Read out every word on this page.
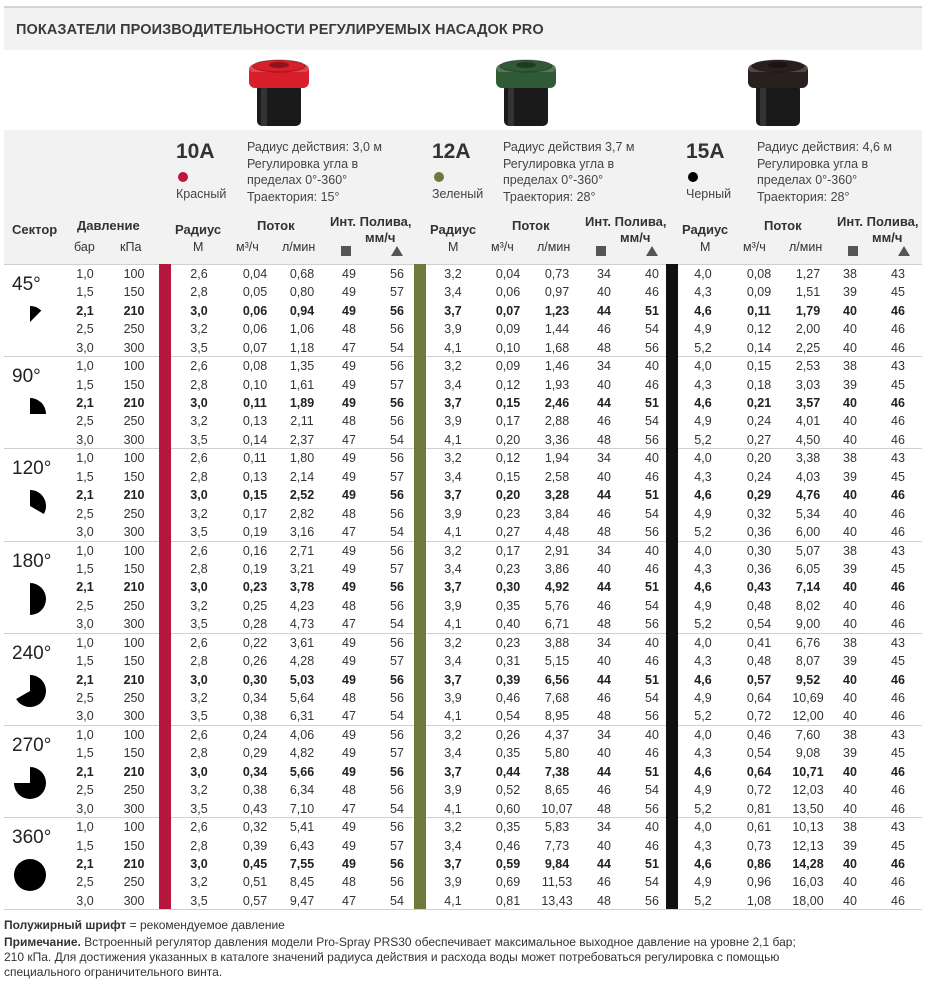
ПОКАЗАТЕЛИ ПРОИЗВОДИТЕЛЬНОСТИ РЕГУЛИРУЕМЫХ НАСАДОК PRO
10A
Красный
Радиус действия: 3,0 м
Регулировка угла в
пределах 0°-360°
Траектория: 15°
12A
Зеленый
Радиус действия 3,7 м
Регулировка угла в
пределах 0°-360°
Траектория: 28°
15A
Черный
Радиус действия: 4,6 м
Регулировка угла в
пределах 0°-360°
Траектория: 28°
Сектор Давление
бар кПа
Радиус
М
Поток
м³/ч л/мин
Инт. Полива,
мм/ч
Радиус
М
Поток
м³/ч л/мин
Инт. Полива,
мм/ч
Радиус
М
Поток
м³/ч л/мин
Инт. Полива,
мм/ч
45°	1,0	100	2,6	0,04	0,68	49	56	3,2	0,04	0,73	34	40	4,0	0,08	1,27	38	43
1,5	150	2,8	0,05	0,80	49	57	3,4	0,06	0,97	40	46	4,3	0,09	1,51	39	45
2,1	210	3,0	0,06	0,94	49	56	3,7	0,07	1,23	44	51	4,6	0,11	1,79	40	46
2,5	250	3,2	0,06	1,06	48	56	3,9	0,09	1,44	46	54	4,9	0,12	2,00	40	46
3,0	300	3,5	0,07	1,18	47	54	4,1	0,10	1,68	48	56	5,2	0,14	2,25	40	46
90°	1,0	100	2,6	0,08	1,35	49	56	3,2	0,09	1,46	34	40	4,0	0,15	2,53	38	43
1,5	150	2,8	0,10	1,61	49	57	3,4	0,12	1,93	40	46	4,3	0,18	3,03	39	45
2,1	210	3,0	0,11	1,89	49	56	3,7	0,15	2,46	44	51	4,6	0,21	3,57	40	46
2,5	250	3,2	0,13	2,11	48	56	3,9	0,17	2,88	46	54	4,9	0,24	4,01	40	46
3,0	300	3,5	0,14	2,37	47	54	4,1	0,20	3,36	48	56	5,2	0,27	4,50	40	46
120°	1,0	100	2,6	0,11	1,80	49	56	3,2	0,12	1,94	34	40	4,0	0,20	3,38	38	43
1,5	150	2,8	0,13	2,14	49	57	3,4	0,15	2,58	40	46	4,3	0,24	4,03	39	45
2,1	210	3,0	0,15	2,52	49	56	3,7	0,20	3,28	44	51	4,6	0,29	4,76	40	46
2,5	250	3,2	0,17	2,82	48	56	3,9	0,23	3,84	46	54	4,9	0,32	5,34	40	46
3,0	300	3,5	0,19	3,16	47	54	4,1	0,27	4,48	48	56	5,2	0,36	6,00	40	46
180°	1,0	100	2,6	0,16	2,71	49	56	3,2	0,17	2,91	34	40	4,0	0,30	5,07	38	43
1,5	150	2,8	0,19	3,21	49	57	3,4	0,23	3,86	40	46	4,3	0,36	6,05	39	45
2,1	210	3,0	0,23	3,78	49	56	3,7	0,30	4,92	44	51	4,6	0,43	7,14	40	46
2,5	250	3,2	0,25	4,23	48	56	3,9	0,35	5,76	46	54	4,9	0,48	8,02	40	46
3,0	300	3,5	0,28	4,73	47	54	4,1	0,40	6,71	48	56	5,2	0,54	9,00	40	46
240°	1,0	100	2,6	0,22	3,61	49	56	3,2	0,23	3,88	34	40	4,0	0,41	6,76	38	43
1,5	150	2,8	0,26	4,28	49	57	3,4	0,31	5,15	40	46	4,3	0,48	8,07	39	45
2,1	210	3,0	0,30	5,03	49	56	3,7	0,39	6,56	44	51	4,6	0,57	9,52	40	46
2,5	250	3,2	0,34	5,64	48	56	3,9	0,46	7,68	46	54	4,9	0,64	10,69	40	46
3,0	300	3,5	0,38	6,31	47	54	4,1	0,54	8,95	48	56	5,2	0,72	12,00	40	46
270°	1,0	100	2,6	0,24	4,06	49	56	3,2	0,26	4,37	34	40	4,0	0,46	7,60	38	43
1,5	150	2,8	0,29	4,82	49	57	3,4	0,35	5,80	40	46	4,3	0,54	9,08	39	45
2,1	210	3,0	0,34	5,66	49	56	3,7	0,44	7,38	44	51	4,6	0,64	10,71	40	46
2,5	250	3,2	0,38	6,34	48	56	3,9	0,52	8,65	46	54	4,9	0,72	12,03	40	46
3,0	300	3,5	0,43	7,10	47	54	4,1	0,60	10,07	48	56	5,2	0,81	13,50	40	46
360°	1,0	100	2,6	0,32	5,41	49	56	3,2	0,35	5,83	34	40	4,0	0,61	10,13	38	43
1,5	150	2,8	0,39	6,43	49	57	3,4	0,46	7,73	40	46	4,3	0,73	12,13	39	45
2,1	210	3,0	0,45	7,55	49	56	3,7	0,59	9,84	44	51	4,6	0,86	14,28	40	46
2,5	250	3,2	0,51	8,45	48	56	3,9	0,69	11,53	46	54	4,9	0,96	16,03	40	46
3,0	300	3,5	0,57	9,47	47	54	4,1	0,81	13,43	48	56	5,2	1,08	18,00	40	46
Полужирный шрифт = рекомендуемое давление
Примечание. Встроенный регулятор давления модели Pro-Spray PRS30 обеспечивает максимальное выходное давление на уровне 2,1 бар;
210 кПа. Для достижения указанных в каталоге значений радиуса действия и расхода воды может потребоваться регулировка с помощью
специального ограничительного винта.
